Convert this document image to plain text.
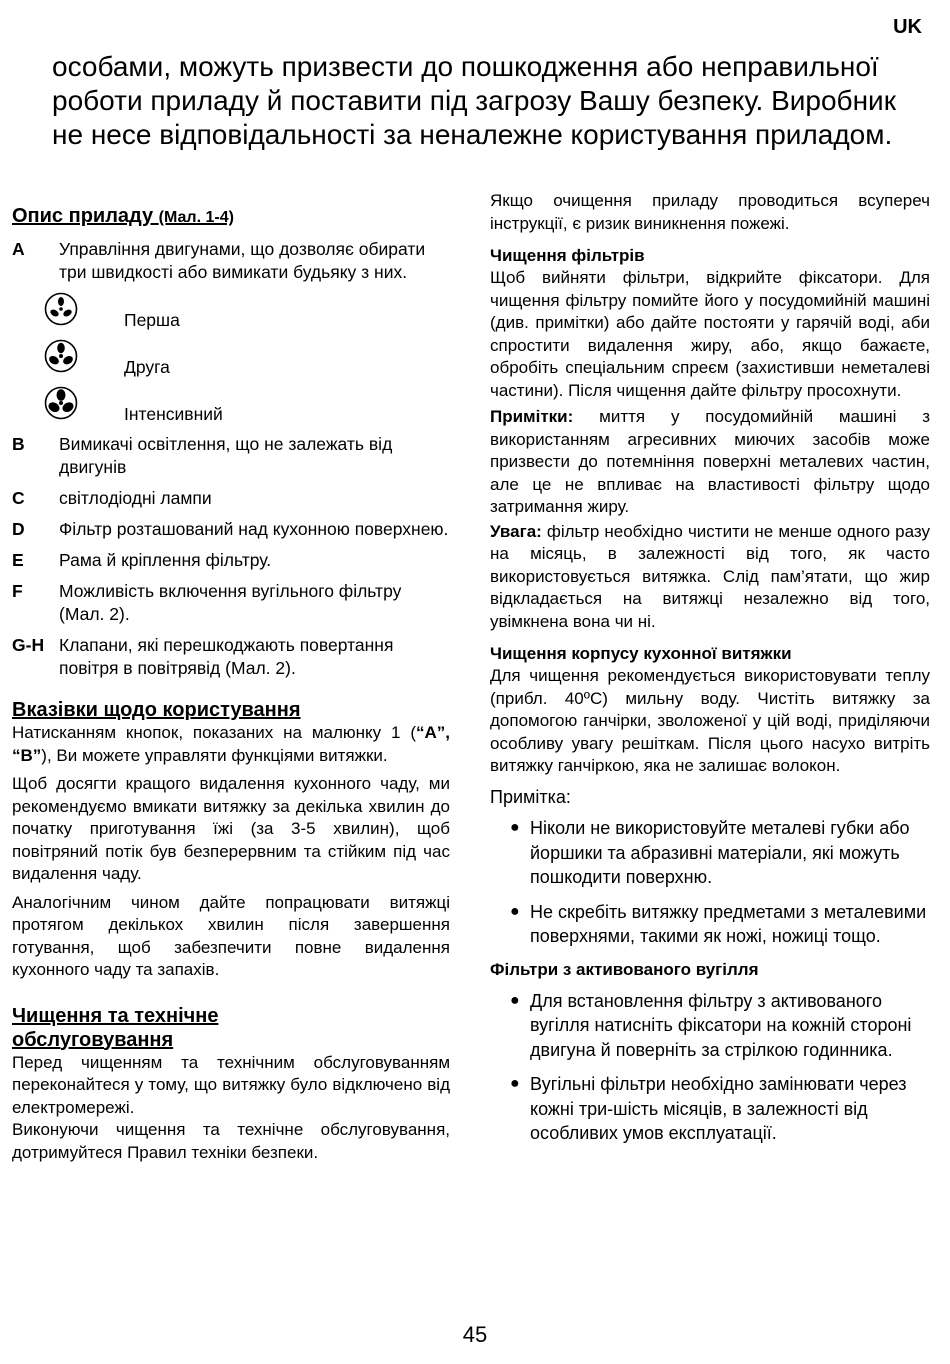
UK
особами, можуть призвести до пошкодження або неправильної роботи приладу й поставити під загрозу Вашу безпеку. Виробник не несе відповідальності за неналежне користування приладом.
Опис приладу (Мал. 1-4)
A	Управління двигунами, що дозволяє обирати три швидкості або вимикати будьяку з них.
Перша
Друга
Інтенсивний
B	Вимикачі освітлення, що не залежать від двигунів
C	світлодіодні лампи
D	Фільтр розташований над кухонною поверхнею.
E	Рама й кріплення фільтру.
F	Можливість включення вугільного фільтру (Мал. 2).
G-H Клапани, які перешкоджають повертання повітря в повітрявід (Мал. 2).
Вказівки щодо користування
Натисканням кнопок, показаних на малюнку 1 (“A”, “B”), Ви можете управляти функціями витяжки.
Щоб досягти кращого видалення кухонного чаду, ми рекомендуємо вмикати витяжку за декілька хвилин до початку приготування їжі (за 3-5 хвилин), щоб повітряний потік був безперервним та стійким під час видалення чаду.
Аналогічним чином дайте попрацювати витяжці протягом декількох хвилин після завершення готування, щоб забезпечити повне видалення кухонного чаду та запахів.
Чищення та технічне
обслуговування
Перед чищенням та технічним обслуговуванням переконайтеся у тому, що витяжку було відключено від електромережі.
Виконуючи чищення та технічне обслуговування, дотримуйтеся Правил техніки безпеки.
Якщо очищення приладу проводиться всупереч інструкції, є ризик виникнення пожежі.
Чищення фільтрів
Щоб вийняти фільтри, відкрийте фіксатори. Для чищення фільтру помийте його у посудомийній машині (див. примітки) або дайте постояти у гарячій воді, аби спростити видалення жиру, або, якщо бажаєте, обробіть спеціальним спреєм (захистивши неметалеві частини). Після чищення дайте фільтру просохнути.
Примітки: миття у посудомийній машині з використанням агресивних миючих засобів може призвести до потемніння поверхні металевих частин, але це не впливає на властивості фільтру щодо затримання жиру.
Увага: фільтр необхідно чистити не менше одного разу на місяць, в залежності від того, як часто використовується витяжка. Слід пам’ятати, що жир відкладається на витяжці незалежно від того, увімкнена вона чи ні.
Чищення корпусу кухонної витяжки
Для чищення рекомендується використовувати теплу (прибл. 40ºC) мильну воду. Чистіть витяжку за допомогою ганчірки, зволоженої у цій воді, приділяючи особливу увагу решіткам. Після цього насухо витріть витяжку ганчіркою, яка не залишає волокон.
Примітка:
● Ніколи не використовуйте металеві губки або йоршики та абразивні матеріали, які можуть пошкодити поверхню.
● Не скребіть витяжку предметами з металевими поверхнями, такими як ножі, ножиці тощо.
Фільтри з активованого вугілля
● Для встановлення фільтру з активованого вугілля натисніть фіксатори на кожній стороні двигуна й поверніть за стрілкою годинника.
● Вугільні фільтри необхідно замінювати через кожні три-шість місяців, в залежності від особливих умов експлуатації.
45
